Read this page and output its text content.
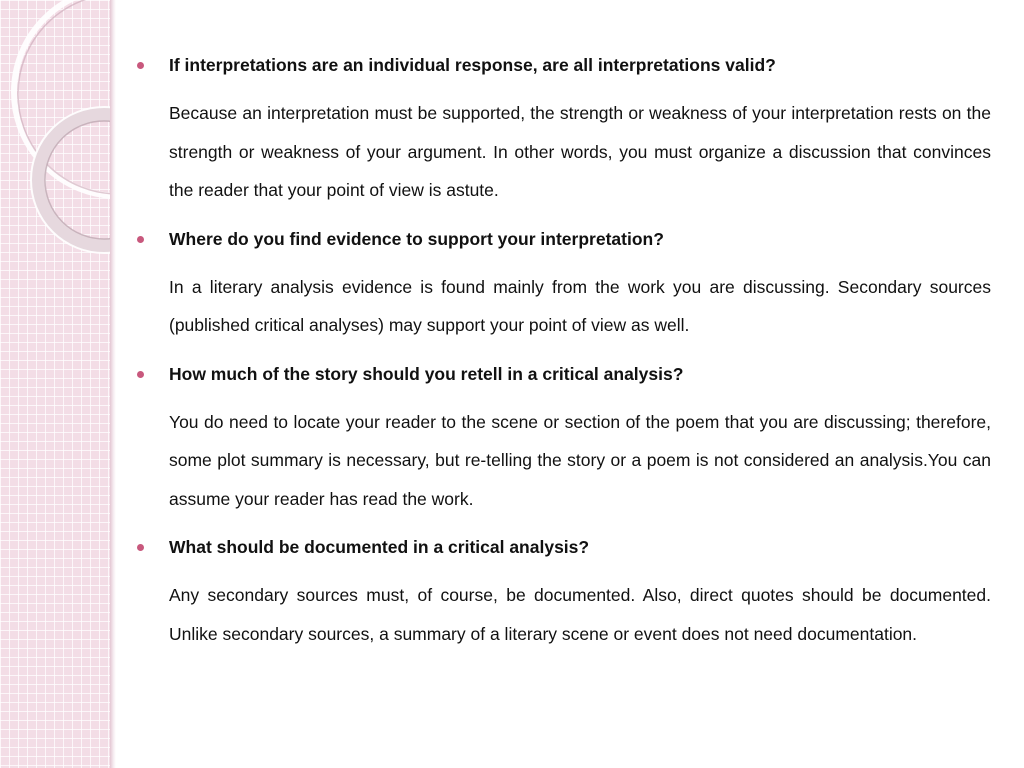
If interpretations are an individual response, are all interpretations valid?
Because an interpretation must be supported, the strength or weakness of your interpretation rests on the strength or weakness of your argument. In other words, you must organize a discussion that convinces the reader that your point of view is astute.
Where do you find evidence to support your interpretation?
In a literary analysis evidence is found mainly from the work you are discussing. Secondary sources (published critical analyses) may support your point of view as well.
How much of the story should you retell in a critical analysis?
You do need to locate your reader to the scene or section of the poem that you are discussing; therefore, some plot summary is necessary, but re-telling the story or a poem is not considered an analysis.You can assume your reader has read the work.
What should be documented in a critical analysis?
Any secondary sources must, of course, be documented. Also, direct quotes should be documented. Unlike secondary sources, a summary of a literary scene or event does not need documentation.
